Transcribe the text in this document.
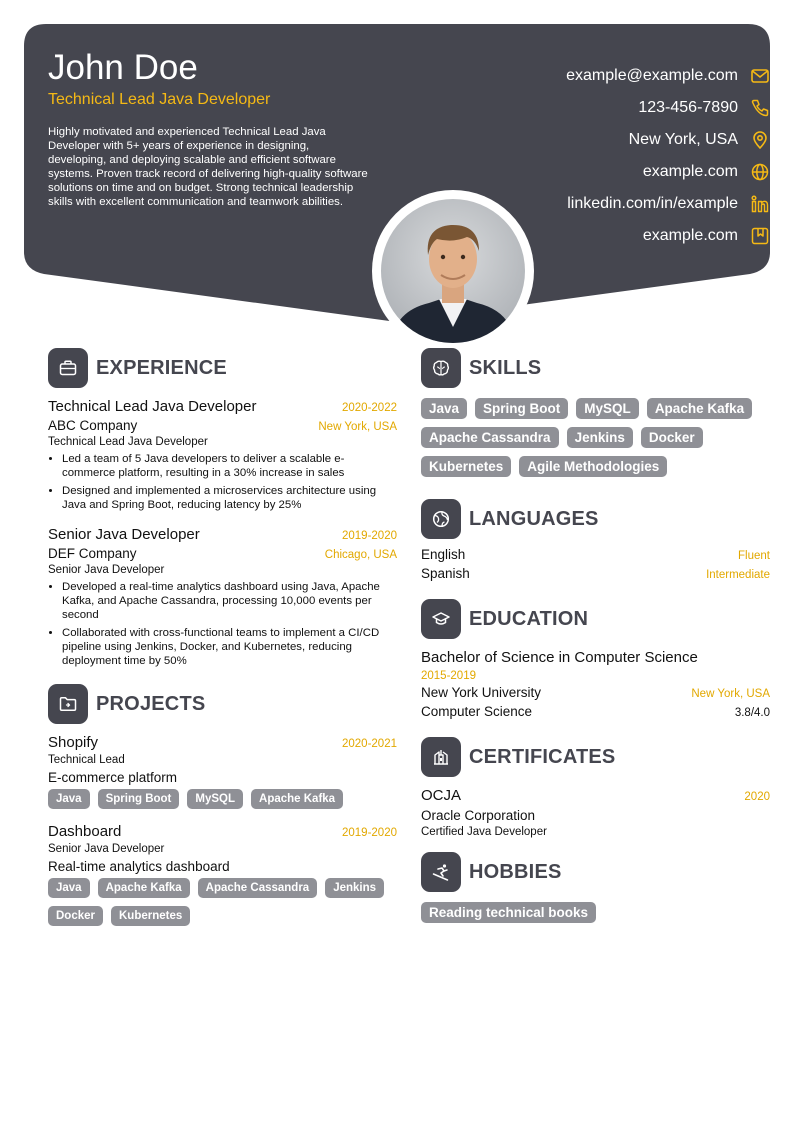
John Doe
Technical Lead Java Developer
Highly motivated and experienced Technical Lead Java Developer with 5+ years of experience in designing, developing, and deploying scalable and efficient software systems. Proven track record of delivering high-quality software solutions on time and on budget. Strong technical leadership skills with excellent communication and teamwork abilities.
example@example.com
123-456-7890
New York, USA
example.com
linkedin.com/in/example
example.com
EXPERIENCE
Technical Lead Java Developer	2020-2022
ABC Company	New York, USA
Technical Lead Java Developer
• Led a team of 5 Java developers to deliver a scalable e-commerce platform, resulting in a 30% increase in sales
• Designed and implemented a microservices architecture using Java and Spring Boot, reducing latency by 25%
Senior Java Developer	2019-2020
DEF Company	Chicago, USA
Senior Java Developer
• Developed a real-time analytics dashboard using Java, Apache Kafka, and Apache Cassandra, processing 10,000 events per second
• Collaborated with cross-functional teams to implement a CI/CD pipeline using Jenkins, Docker, and Kubernetes, reducing deployment time by 50%
PROJECTS
Shopify	2020-2021
Technical Lead
E-commerce platform
Java	Spring Boot	MySQL	Apache Kafka
Dashboard	2019-2020
Senior Java Developer
Real-time analytics dashboard
Java	Apache Kafka	Apache Cassandra	Jenkins
Docker	Kubernetes
SKILLS
Java	Spring Boot	MySQL	Apache Kafka
Apache Cassandra	Jenkins	Docker
Kubernetes	Agile Methodologies
LANGUAGES
English	Fluent
Spanish	Intermediate
EDUCATION
Bachelor of Science in Computer Science
2015-2019
New York University	New York, USA
Computer Science	3.8/4.0
CERTIFICATES
OCJA	2020
Oracle Corporation
Certified Java Developer
HOBBIES
Reading technical books
